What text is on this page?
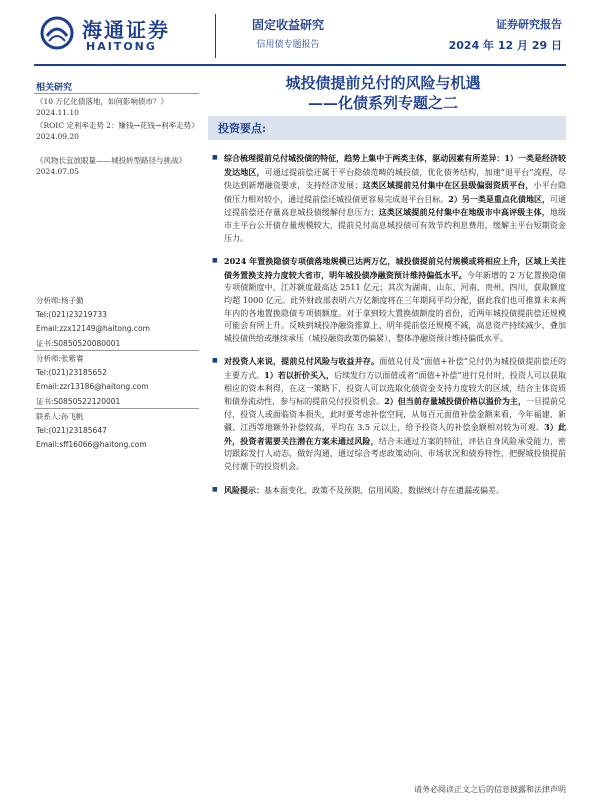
海通证券
HAITONG
固定收益研究
信用债专题报告
证券研究报告
2024 年 12 月 29 日
城投债提前兑付的风险与机遇
——化债系列专题之二
相关研究
《10 万亿化债落地，如何影响债市？》
2024.11.10
《ROIC 定利率走势 2：赚钱→花钱→利率走势》
2024.09.20
《风物长宜放眼量——城投转型路径与挑战》
2024.07.05
分析师:杨子勤
Tel:(021)23219733
Email:zzx12149@haitong.com
证书:S0850520080001
分析师:张紫睿
Tel:(021)23185652
Email:zzr13186@haitong.com
证书:S0850522120001
联系人:孙飞帆
Tel:(021)23185647
Email:sff16066@haitong.com
投资要点:
■ 综合梳理提前兑付城投债的特征，趋势上集中于两类主体，驱动因素有所差异：1）一类是经济较发达地区，可通过提前偿还属于平台隐债范畴的城投债，优化债务结构，加速“退平台”流程，尽快达到新增融资要求，支持经济发展；这类区域提前兑付集中在区县级偏弱资质平台，小平台隐债压力相对较小，通过提前偿还城投债更容易完成退平台目标。2）另一类是重点化债地区，可通过提前偿还存量高息城投债缓解付息压力；这类区域提前兑付集中在地级市中高评级主体，地级市主平台公开债存量规模较大，提前兑付高息城投债可有效节约利息费用，缓解主平台短期资金压力。
■ 2024 年置换隐债专项债落地规模已达两万亿，城投债提前兑付规模或将相应上升，区域上关注债务置换支持力度较大省市，明年城投债净融资预计维持偏低水平。今年新增的 2 万亿置换隐债专项债额度中，江苏额度最高达 2511 亿元；其次为湖南、山东、河南、贵州、四川，获取额度均超 1000 亿元。此外财政部表明六万亿额度将在三年期间平均分配，据此我们也可推算未来两年内的各地置换隐债专项债额度。对于拿到较大置换债额度的省份，近两年城投债提前偿还规模可能会有所上升。反映到城投净融资推算上，明年提前偿还规模不减，高息资产持续减少，叠加城投债供给或继续承压（城投融资政策仍偏紧），整体净融资预计维持偏低水平。
■ 对投资人来说，提前兑付风险与收益并存。面值兑付及“面值+补偿”兑付仍为城投债提前偿还的主要方式。1）若以折价买入，后续发行方以面值或者“面值+补偿”进行兑付时，投资人可以获取相应的资本利得，在这一策略下，投资人可以选取化债资金支持力度较大的区域，结合主体资质和债券流动性，参与标的提前兑付投资机会。2）但当前存量城投债价格以溢价为主，一旦提前兑付，投资人或面临资本损失，此时要考虑补偿空间，从每百元面值补偿金额来看，今年福建、新疆、江西等地额外补偿较高，平均在 3.5 元以上，给予投资人的补偿金额相对较为可观。3）此外，投资者需要关注潜在方案未通过风险，结合未通过方案的特征，评估自身风险承受能力，密切跟踪发行人动态，做好沟通，通过综合考虑政策动向、市场状况和债券特性，把握城投债提前兑付潮下的投资机会。
■ 风险提示：基本面变化、政策不及预期、信用风险、数据统计存在遗漏或偏差。
请务必阅读正文之后的信息披露和法律声明
